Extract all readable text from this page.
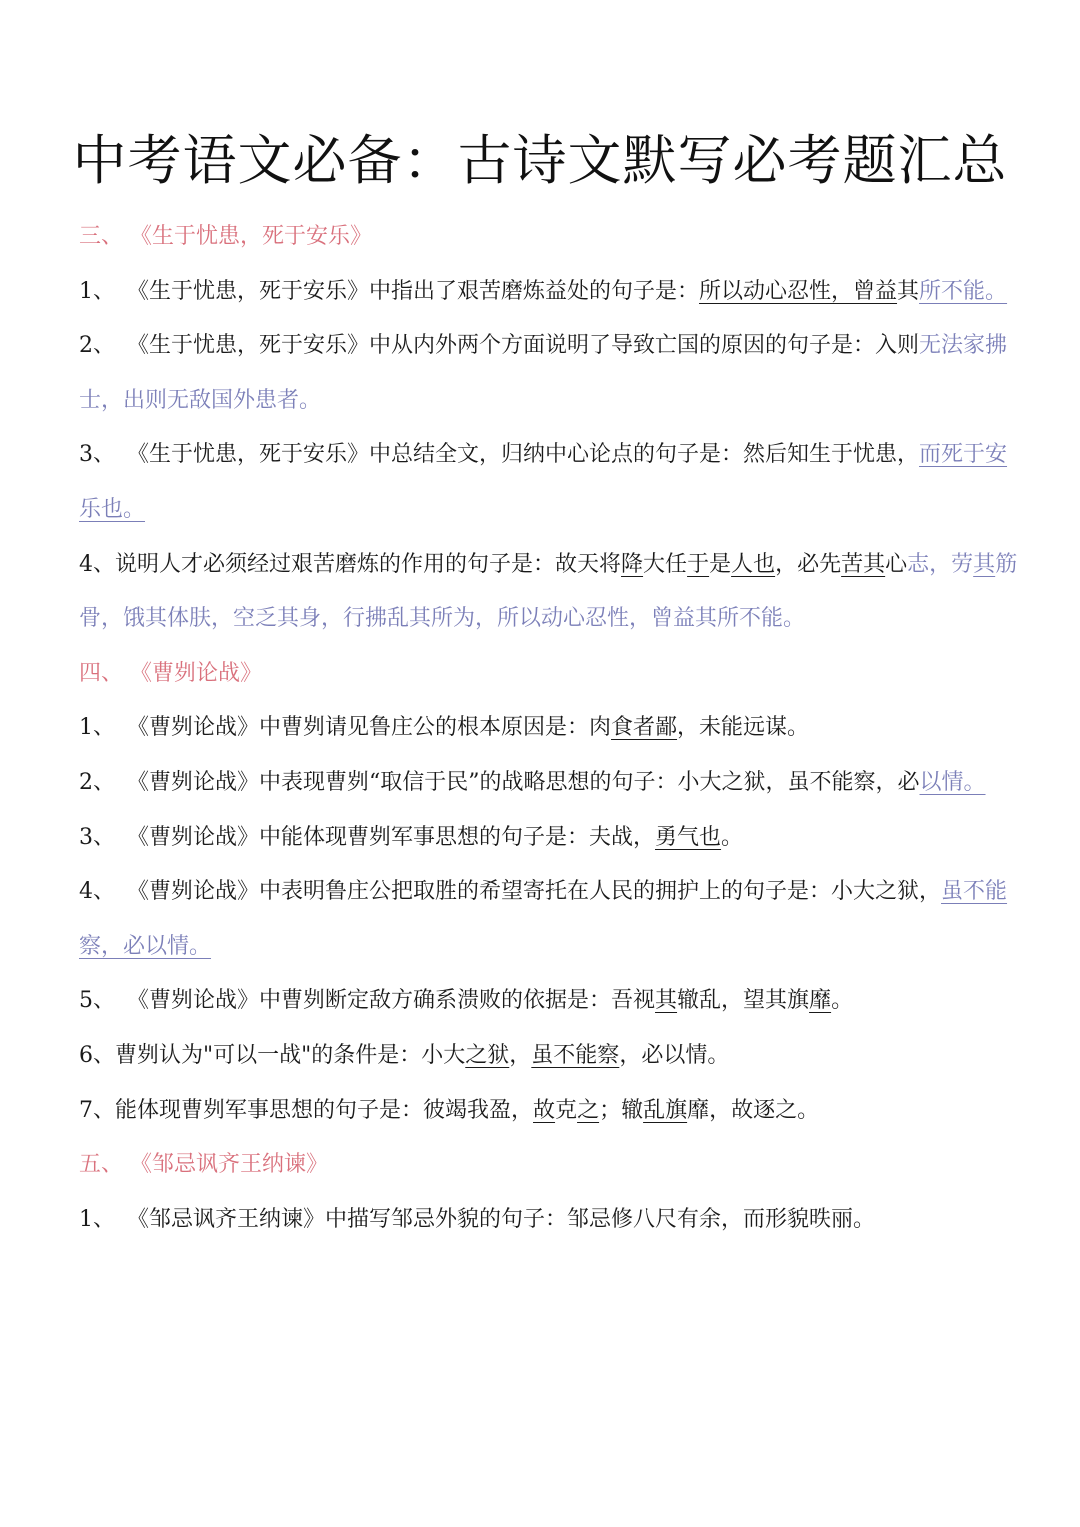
中考语文必备：古诗文默写必考题汇总

三、 《生于忧患，死于安乐》

1、 《生于忧患，死于安乐》中指出了艰苦磨炼益处的句子是：所以动心忍性，曾益其所不能。

2、 《生于忧患，死于安乐》中从内外两个方面说明了导致亡国的原因的句子是：入则无法家拂士，出则无敌国外患者。

3、 《生于忧患，死于安乐》中总结全文，归纳中心论点的句子是：然后知生于忧患，而死于安乐也。

4、说明人才必须经过艰苦磨炼的作用的句子是：故天将降大任于是人也，必先苦其心志，劳其筋骨，饿其体肤，空乏其身，行拂乱其所为，所以动心忍性，曾益其所不能。

四、 《曹刿论战》

1、 《曹刿论战》中曹刿请见鲁庄公的根本原因是：肉食者鄙，未能远谋。

2、 《曹刿论战》中表现曹刿“取信于民”的战略思想的句子：小大之狱，虽不能察，必以情。

3、 《曹刿论战》中能体现曹刿军事思想的句子是：夫战，勇气也。

4、 《曹刿论战》中表明鲁庄公把取胜的希望寄托在人民的拥护上的句子是：小大之狱，虽不能察，必以情。

5、 《曹刿论战》中曹刿断定敌方确系溃败的依据是：吾视其辙乱，望其旗靡。

6、曹刿认为"可以一战"的条件是：小大之狱，虽不能察，必以情。

7、能体现曹刿军事思想的句子是：彼竭我盈，故克之；辙乱旗靡，故逐之。

五、 《邹忌讽齐王纳谏》

1、 《邹忌讽齐王纳谏》中描写邹忌外貌的句子：邹忌修八尺有余，而形貌昳丽。
